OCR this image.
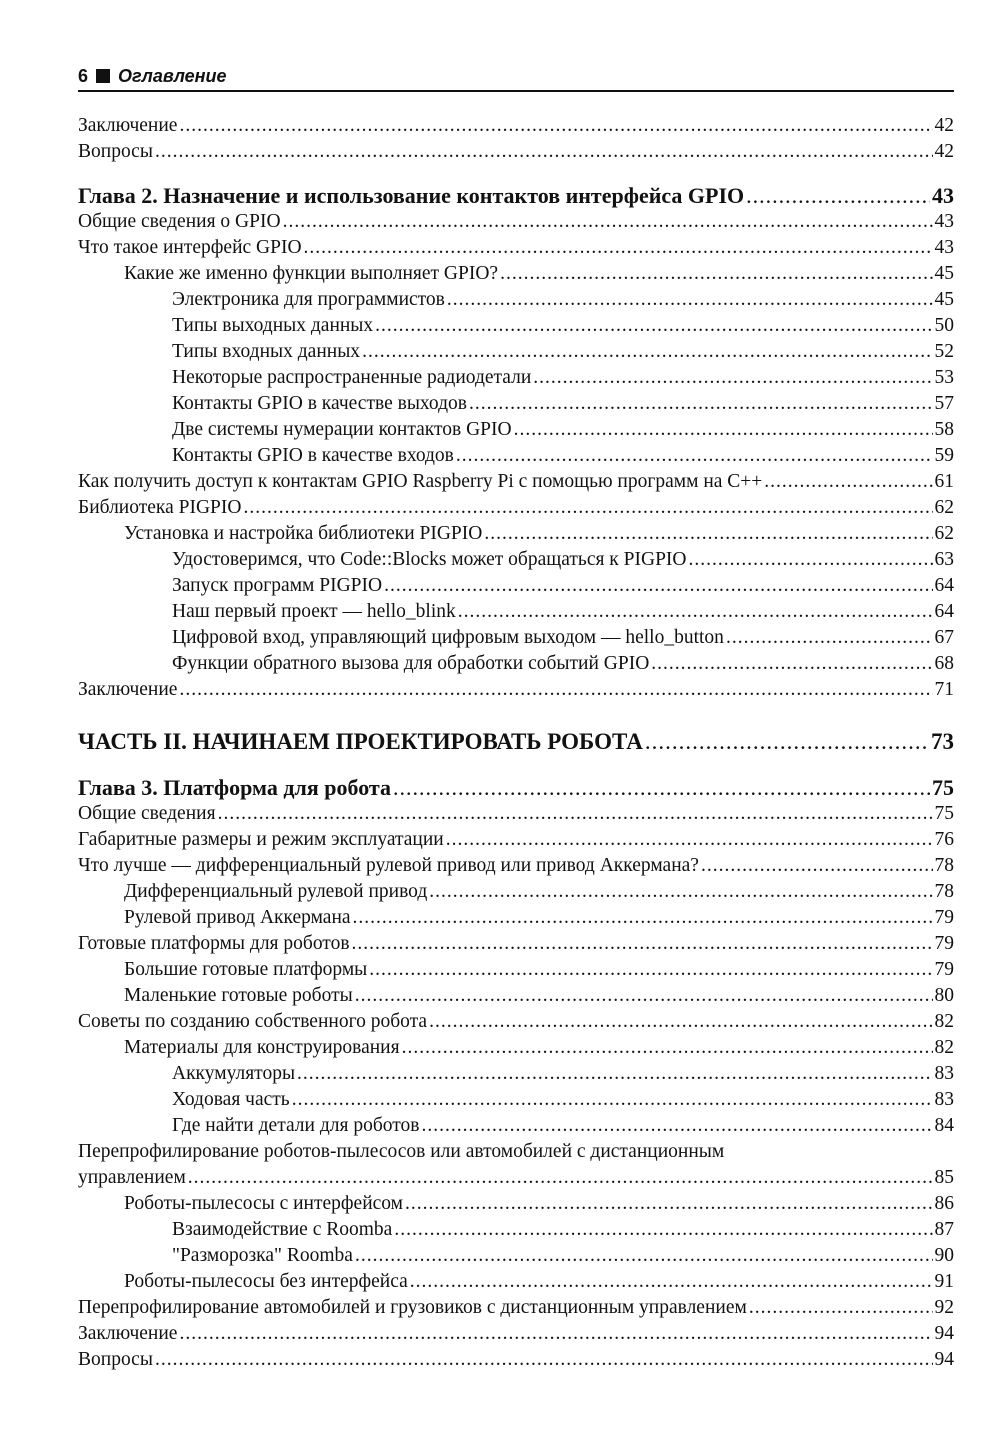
6 Оглавление
Заключение .....	42
Вопросы .....	42
Глава 2. Назначение и использование контактов интерфейса GPIO .....	43
Общие сведения о GPIO .....	43
Что такое интерфейс GPIO .....	43
Какие же именно функции выполняет GPIO? .....	45
Электроника для программистов .....	45
Типы выходных данных .....	50
Типы входных данных .....	52
Некоторые распространенные радиодетали .....	53
Контакты GPIO в качестве выходов .....	57
Две системы нумерации контактов GPIO .....	58
Контакты GPIO в качестве входов .....	59
Как получить доступ к контактам GPIO Raspberry Pi с помощью программ на C++ .....	61
Библиотека PIGPIO .....	62
Установка и настройка библиотеки PIGPIO .....	62
Удостоверимся, что Code::Blocks может обращаться к PIGPIO .....	63
Запуск программ PIGPIO .....	64
Наш первый проект — hello_blink .....	64
Цифровой вход, управляющий цифровым выходом — hello_button .....	67
Функции обратного вызова для обработки событий GPIO .....	68
Заключение .....	71
ЧАСТЬ II. НАЧИНАЕМ ПРОЕКТИРОВАТЬ РОБОТА .....	73
Глава 3. Платформа для робота .....	75
Общие сведения .....	75
Габаритные размеры и режим эксплуатации .....	76
Что лучше — дифференциальный рулевой привод или привод Аккермана? .....	78
Дифференциальный рулевой привод .....	78
Рулевой привод Аккермана .....	79
Готовые платформы для роботов .....	79
Большие готовые платформы .....	79
Маленькие готовые роботы .....	80
Советы по созданию собственного робота .....	82
Материалы для конструирования .....	82
Аккумуляторы .....	83
Ходовая часть .....	83
Где найти детали для роботов .....	84
Перепрофилирование роботов-пылесосов или автомобилей с дистанционным
управлением .....	85
Роботы-пылесосы с интерфейсом .....	86
Взаимодействие с Roomba .....	87
"Разморозка" Roomba .....	90
Роботы-пылесосы без интерфейса .....	91
Перепрофилирование автомобилей и грузовиков с дистанционным управлением .....	92
Заключение .....	94
Вопросы .....	94
